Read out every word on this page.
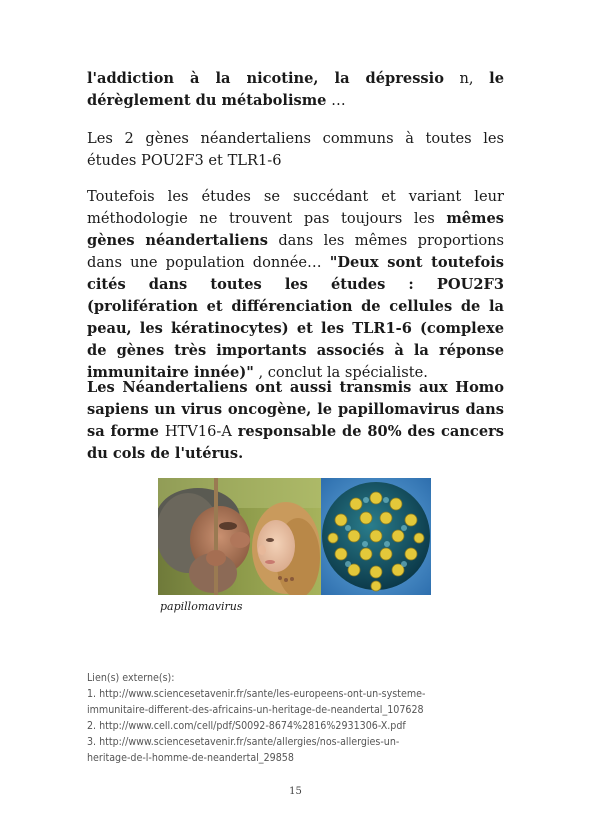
l'addiction à la nicotine, la dépressio n, le dérèglement du métabolisme …

Les 2 gènes néandertaliens communs à toutes les études POU2F3 et TLR1-6

Toutefois les études se succédant et variant leur méthodologie ne trouvent pas toujours les mêmes gènes néandertaliens dans les mêmes proportions dans une population donnée… "Deux sont toutefois cités dans toutes les études : POU2F3 (prolifération et différenciation de cellules de la peau, les kératinocytes) et les TLR1-6 (complexe de gènes très importants associés à la réponse immunitaire innée)" , conclut la spécialiste.

Les Néandertaliens ont aussi transmis aux Homo sapiens un virus oncogène, le papillomavirus dans sa forme HTV16-A responsable de 80% des cancers du cols de l'utérus.

papillomavirus

Lien(s) externe(s):
1. http://www.sciencesetavenir.fr/sante/les-europeens-ont-un-systeme-
immunitaire-different-des-africains-un-heritage-de-neandertal_107628
2. http://www.cell.com/cell/pdf/S0092-8674%2816%2931306-X.pdf
3. http://www.sciencesetavenir.fr/sante/allergies/nos-allergies-un-
heritage-de-l-homme-de-neandertal_29858
15
